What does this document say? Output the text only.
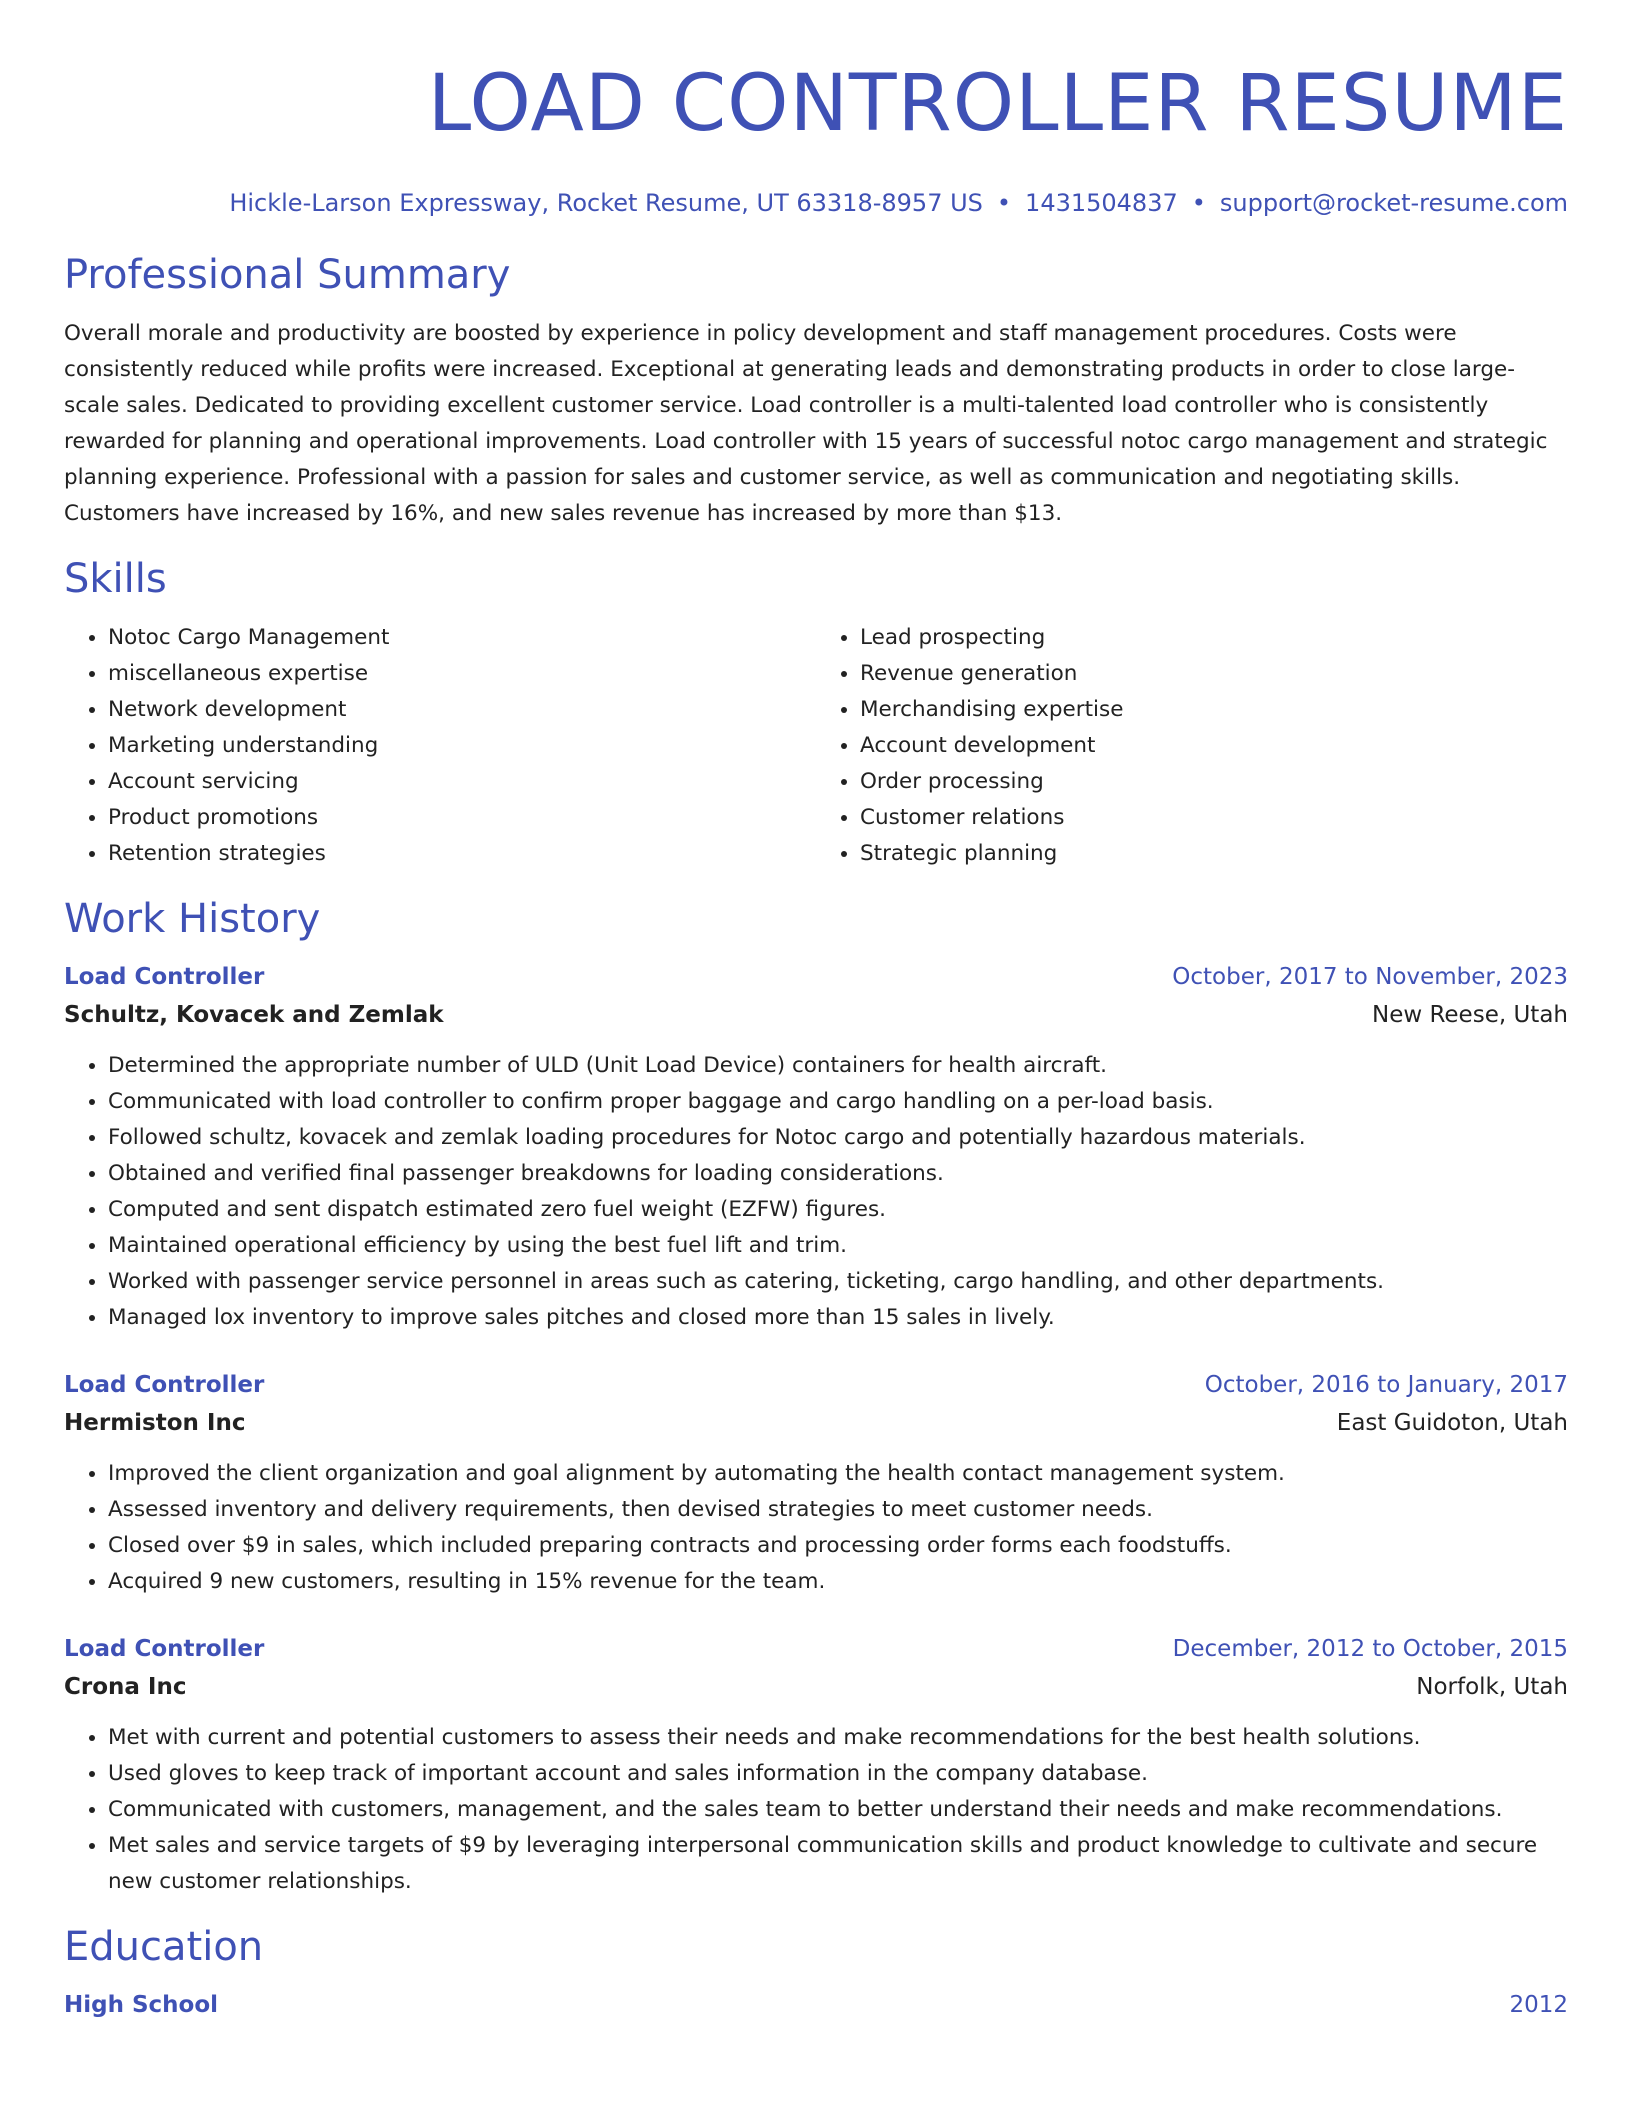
LOAD CONTROLLER RESUME
Hickle-Larson Expressway, Rocket Resume, UT 63318-8957 US • 1431504837 • support@rocket-resume.com
Professional Summary
Overall morale and productivity are boosted by experience in policy development and staff management procedures. Costs were consistently reduced while profits were increased. Exceptional at generating leads and demonstrating products in order to close large-scale sales. Dedicated to providing excellent customer service. Load controller is a multi-talented load controller who is consistently rewarded for planning and operational improvements. Load controller with 15 years of successful notoc cargo management and strategic planning experience. Professional with a passion for sales and customer service, as well as communication and negotiating skills. Customers have increased by 16%, and new sales revenue has increased by more than $13.
Skills
• Notoc Cargo Management
• miscellaneous expertise
• Network development
• Marketing understanding
• Account servicing
• Product promotions
• Retention strategies
• Lead prospecting
• Revenue generation
• Merchandising expertise
• Account development
• Order processing
• Customer relations
• Strategic planning
Work History
Load Controller	October, 2017 to November, 2023
Schultz, Kovacek and Zemlak	New Reese, Utah
• Determined the appropriate number of ULD (Unit Load Device) containers for health aircraft.
• Communicated with load controller to confirm proper baggage and cargo handling on a per-load basis.
• Followed schultz, kovacek and zemlak loading procedures for Notoc cargo and potentially hazardous materials.
• Obtained and verified final passenger breakdowns for loading considerations.
• Computed and sent dispatch estimated zero fuel weight (EZFW) figures.
• Maintained operational efficiency by using the best fuel lift and trim.
• Worked with passenger service personnel in areas such as catering, ticketing, cargo handling, and other departments.
• Managed lox inventory to improve sales pitches and closed more than 15 sales in lively.
Load Controller	October, 2016 to January, 2017
Hermiston Inc	East Guidoton, Utah
• Improved the client organization and goal alignment by automating the health contact management system.
• Assessed inventory and delivery requirements, then devised strategies to meet customer needs.
• Closed over $9 in sales, which included preparing contracts and processing order forms each foodstuffs.
• Acquired 9 new customers, resulting in 15% revenue for the team.
Load Controller	December, 2012 to October, 2015
Crona Inc	Norfolk, Utah
• Met with current and potential customers to assess their needs and make recommendations for the best health solutions.
• Used gloves to keep track of important account and sales information in the company database.
• Communicated with customers, management, and the sales team to better understand their needs and make recommendations.
• Met sales and service targets of $9 by leveraging interpersonal communication skills and product knowledge to cultivate and secure new customer relationships.
Education
High School	2012
